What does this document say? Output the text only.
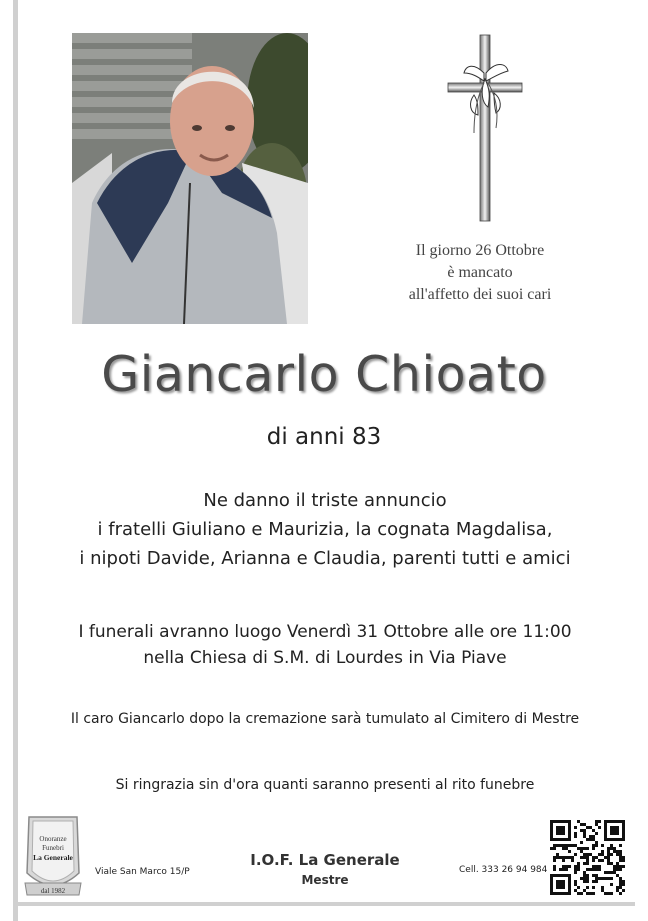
Il giorno 26 Ottobre
è mancato
all'affetto dei suoi cari
Giancarlo Chioato
di anni 83
Ne danno il triste annuncio
i fratelli Giuliano e Maurizia, la cognata Magdalisa,
i nipoti Davide, Arianna e Claudia, parenti tutti e amici
I funerali avranno luogo Venerdì 31 Ottobre alle ore 11:00
nella Chiesa di S.M. di Lourdes in Via Piave
Il caro Giancarlo dopo la cremazione sarà tumulato al Cimitero di Mestre
Si ringrazia sin d'ora quanti saranno presenti al rito funebre
Onoranze
Funebri
La Generale
dal 1982
Viale San Marco 15/P
I.O.F. La Generale
Mestre
Cell. 333 26 94 984
